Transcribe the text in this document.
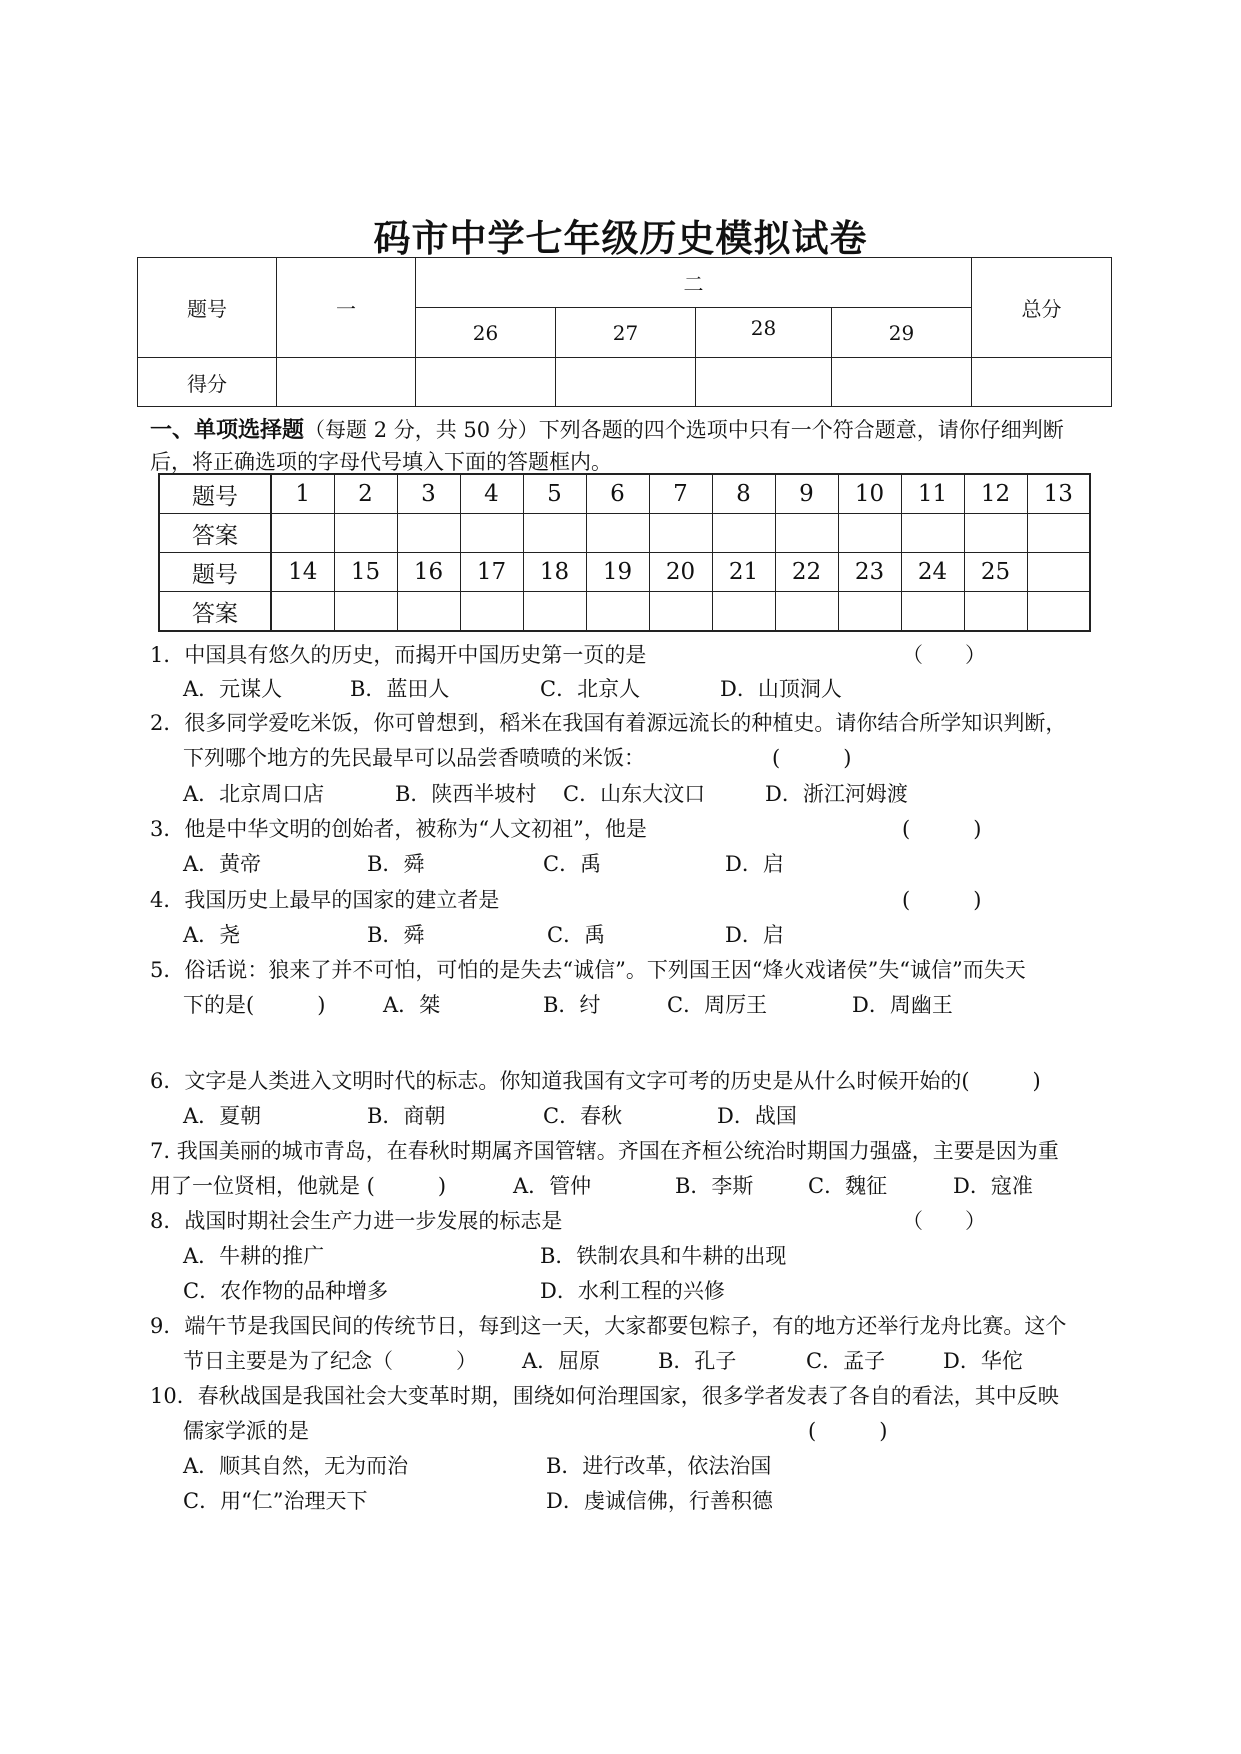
码市中学七年级历史模拟试卷
题号	一	二				总分
		26	27	28	29	
得分						
一、单项选择题（每题 2 分，共 50 分）下列各题的四个选项中只有一个符合题意，请你仔细判断
后，将正确选项的字母代号填入下面的答题框内。
题号	1	2	3	4	5	6	7	8	9	10	11	12	13
答案													
题号	14	15	16	17	18	19	20	21	22	23	24	25	
答案													
1．中国具有悠久的历史，而揭开中国历史第一页的是	（　　）
A．元谋人	B．蓝田人	C．北京人	D．山顶洞人
2．很多同学爱吃米饭，你可曾想到，稻米在我国有着源远流长的种植史。请你结合所学知识判断，
下列哪个地方的先民最早可以品尝香喷喷的米饭：	(　　　)
A．北京周口店	B．陕西半坡村 C．山东大汶口	D．浙江河姆渡
3．他是中华文明的创始者，被称为“人文初祖”，他是	(　　　)
A．黄帝	B．舜	C．禹	D．启
4．我国历史上最早的国家的建立者是	(　　　)
A．尧	B．舜	C．禹	D．启
5．俗话说：狼来了并不可怕，可怕的是失去“诚信”。下列国王因“烽火戏诸侯”失“诚信”而失天
下的是(　　　)	A．桀	B．纣	C．周厉王	D．周幽王
6．文字是人类进入文明时代的标志。你知道我国有文字可考的历史是从什么时候开始的(　　　)
A．夏朝	B．商朝	C．春秋	D．战国
7. 我国美丽的城市青岛，在春秋时期属齐国管辖。齐国在齐桓公统治时期国力强盛，主要是因为重
用了一位贤相，他就是 (　　　)	A．管仲	B．李斯	C．魏征	D．寇准
8．战国时期社会生产力进一步发展的标志是	（　　）
A．牛耕的推广	B．铁制农具和牛耕的出现
C．农作物的品种增多	D．水利工程的兴修
9．端午节是我国民间的传统节日，每到这一天，大家都要包粽子，有的地方还举行龙舟比赛。这个
节日主要是为了纪念（　　　） A．屈原	B．孔子	C．孟子	D．华佗
10．春秋战国是我国社会大变革时期，围绕如何治理国家，很多学者发表了各自的看法，其中反映
儒家学派的是	(　　　)
A．顺其自然，无为而治	B．进行改革，依法治国
C．用“仁”治理天下	D．虔诚信佛，行善积德
